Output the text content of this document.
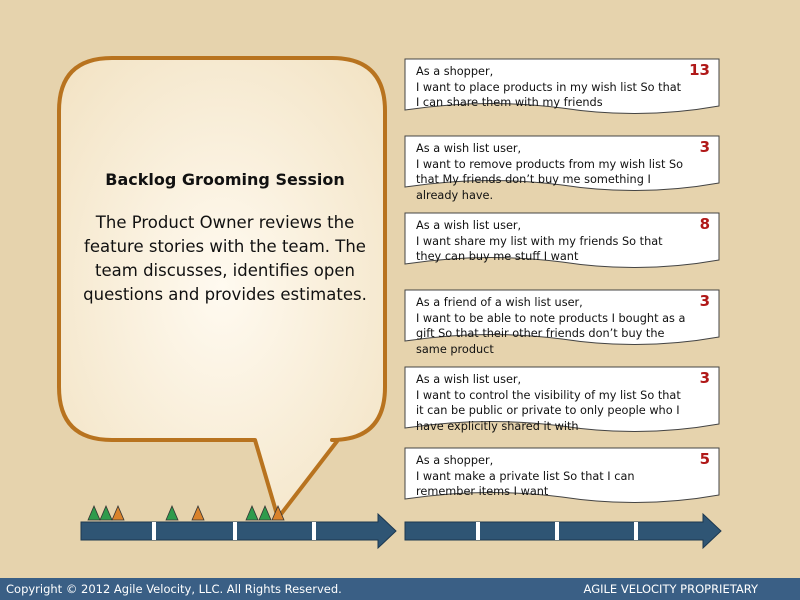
Backlog Grooming Session
The Product Owner reviews the feature stories with the team. The team discusses, identifies open questions and provides estimates.
As a shopper,
I want to place products in my wish list So that I can share them with my friends
13
As a wish list user,
I want to remove products from my wish list So that My friends don’t buy me something I already have.
3
As a wish list user,
I want share my list with my friends So that they can buy me stuff I want
8
As a friend of a wish list user,
I want to be able to note products I bought as a gift So that their other friends don’t buy the same product
3
As a wish list user,
I want to control the visibility of my list So that it can be public or private to only people who I have explicitly shared it with
3
As a shopper,
I want make a private list So that I can remember items I want
5
Copyright © 2012 Agile Velocity, LLC. All Rights Reserved.	AGILE VELOCITY PROPRIETARY
